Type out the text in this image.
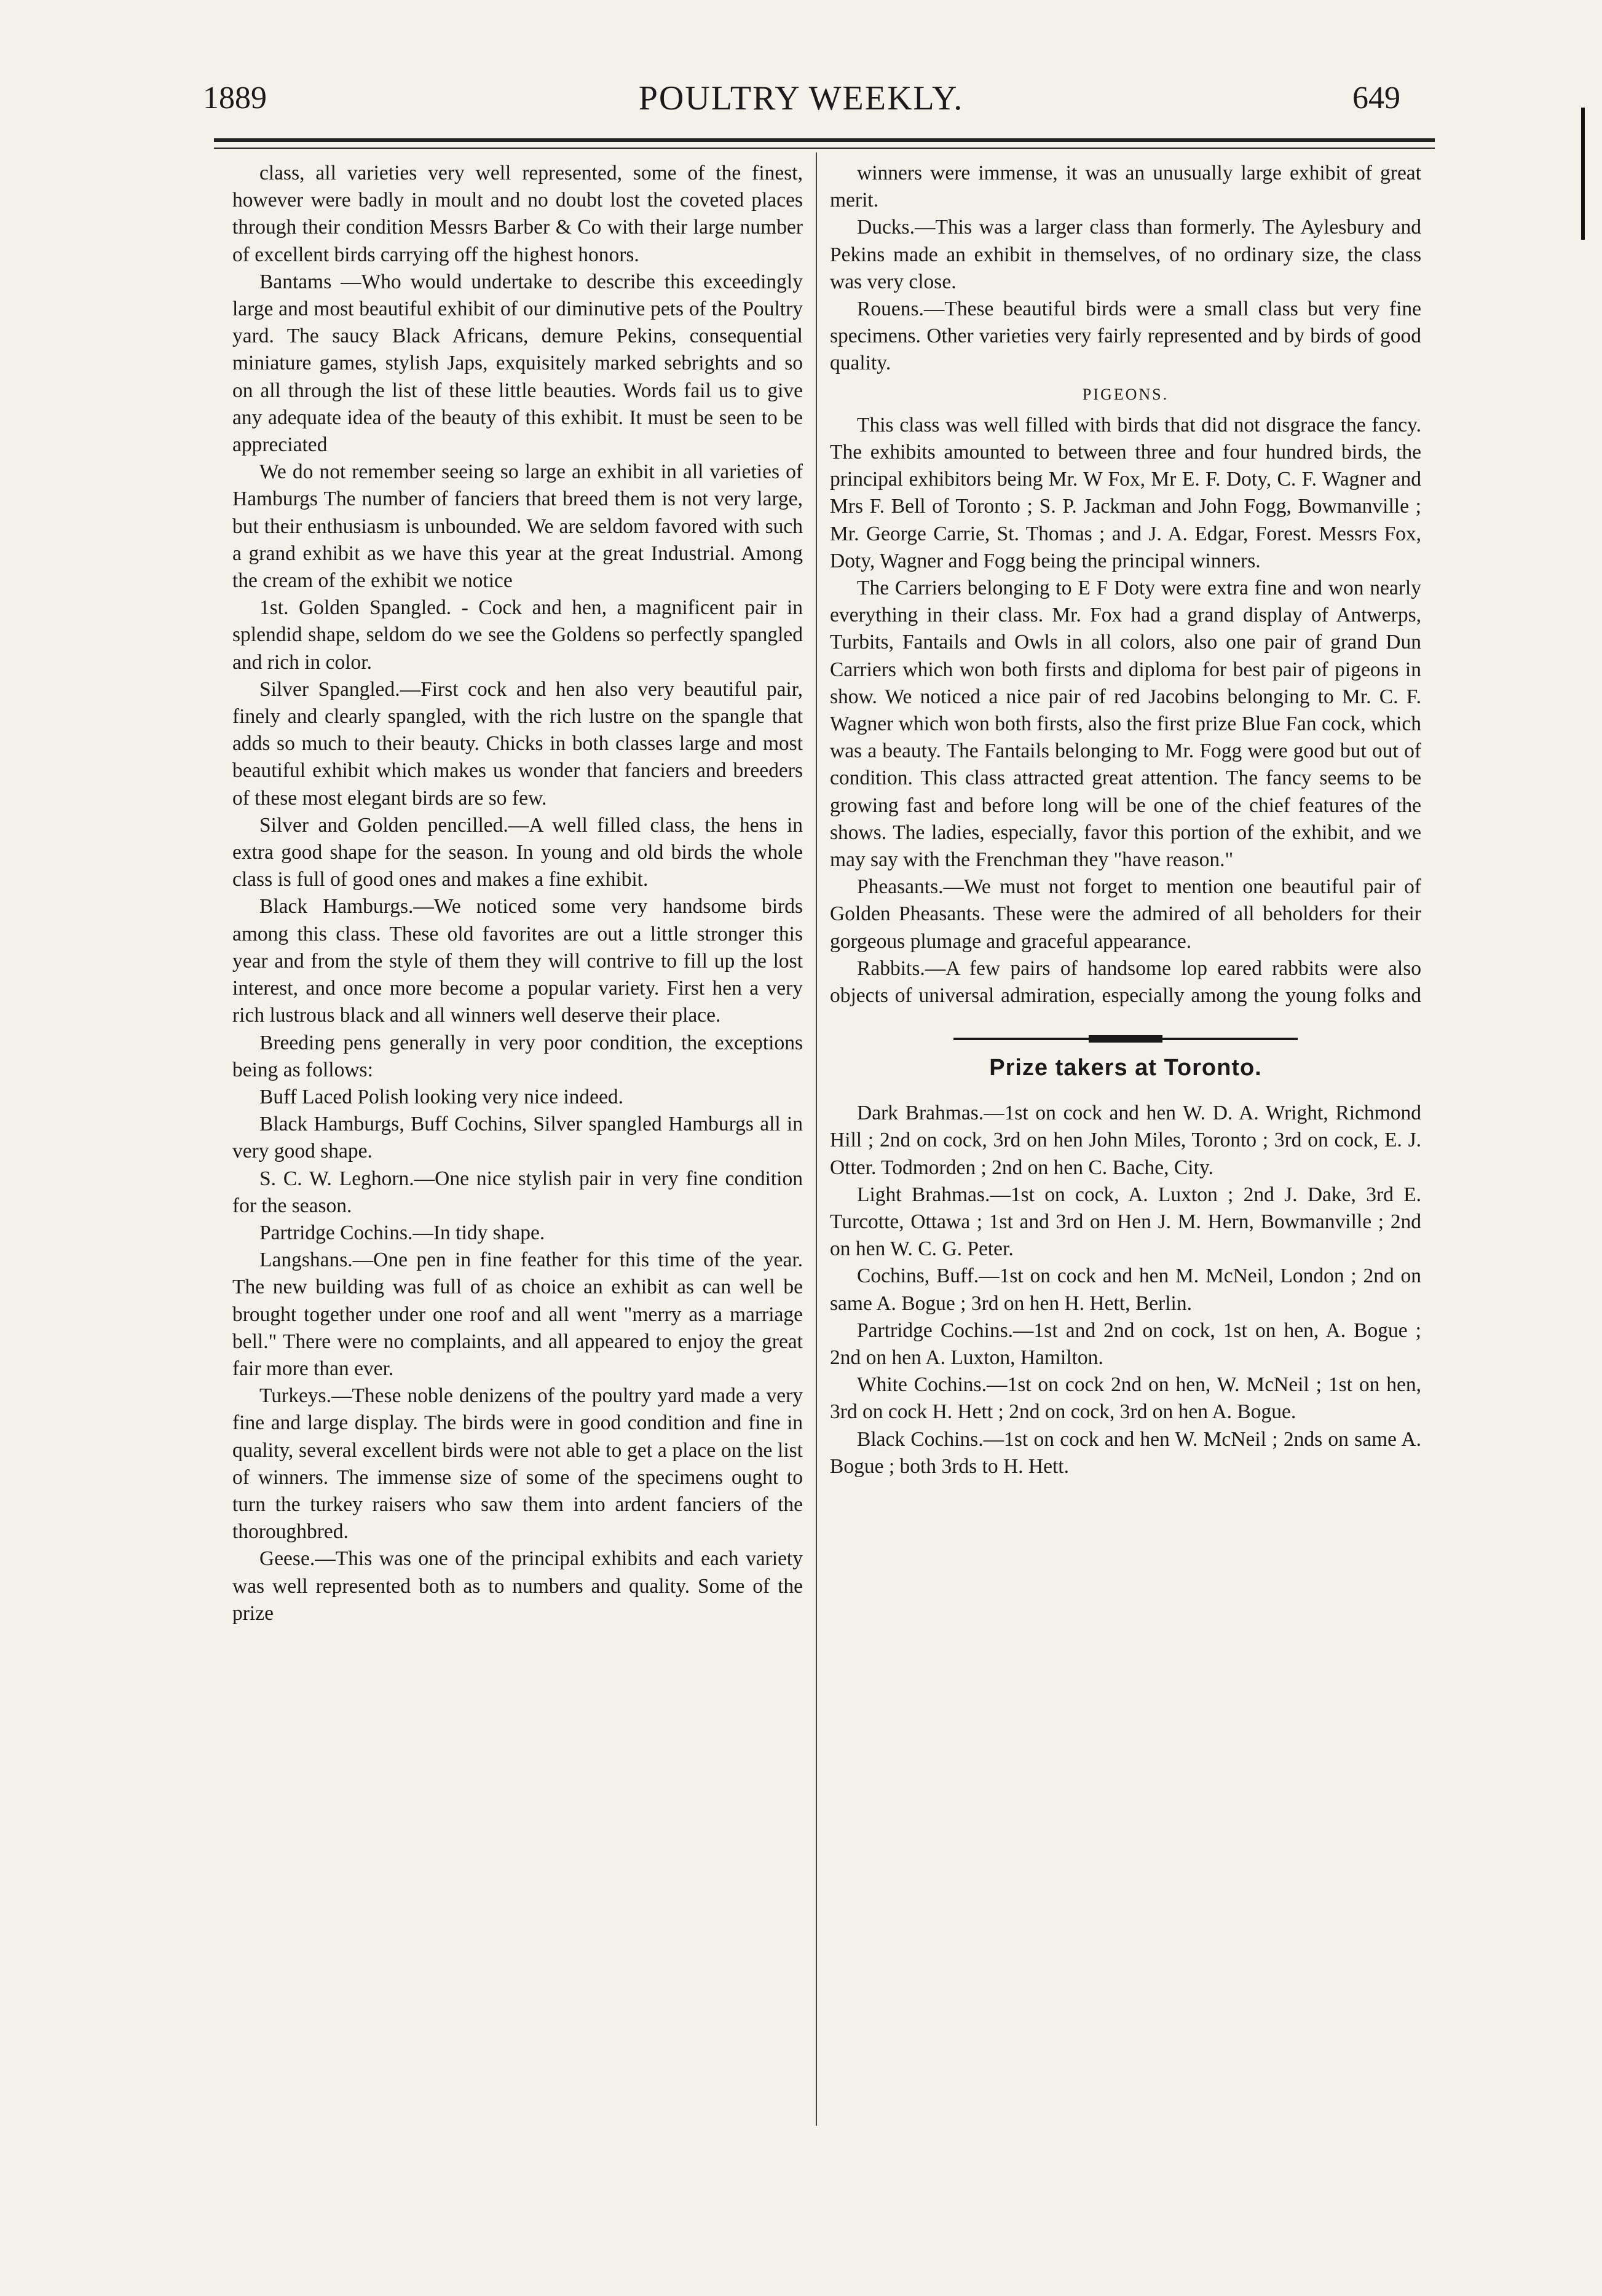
1889	POULTRY WEEKLY.	649

class, all varieties very well represented, some of the finest, however were badly in moult and no doubt lost the coveted places through their condition Messrs Barber & Co with their large number of excellent birds carrying off the highest honors.

Bantams —Who would undertake to describe this exceedingly large and most beautiful exhibit of our diminutive pets of the Poultry yard. The saucy Black Africans, demure Pekins, consequential miniature games, stylish Japs, exquisitely marked sebrights and so on all through the list of these little beauties. Words fail us to give any adequate idea of the beauty of this exhibit. It must be seen to be appreciated

We do not remember seeing so large an exhibit in all varieties of Hamburgs The number of fanciers that breed them is not very large, but their enthusiasm is unbounded. We are seldom favored with such a grand exhibit as we have this year at the great Industrial. Among the cream of the exhibit we notice

1st. Golden Spangled. - Cock and hen, a magnificent pair in splendid shape, seldom do we see the Goldens so perfectly spangled and rich in color.

Silver Spangled.—First cock and hen also very beautiful pair, finely and clearly spangled, with the rich lustre on the spangle that adds so much to their beauty. Chicks in both classes large and most beautiful exhibit which makes us wonder that fanciers and breeders of these most elegant birds are so few.

Silver and Golden pencilled.—A well filled class, the hens in extra good shape for the season. In young and old birds the whole class is full of good ones and makes a fine exhibit.

Black Hamburgs.—We noticed some very handsome birds among this class. These old favorites are out a little stronger this year and from the style of them they will contrive to fill up the lost interest, and once more become a popular variety. First hen a very rich lustrous black and all winners well deserve their place.

Breeding pens generally in very poor condition, the exceptions being as follows:

Buff Laced Polish looking very nice indeed.

Black Hamburgs, Buff Cochins, Silver spangled Hamburgs all in very good shape.

S. C. W. Leghorn.—One nice stylish pair in very fine condition for the season.

Partridge Cochins.—In tidy shape.

Langshans.—One pen in fine feather for this time of the year. The new building was full of as choice an exhibit as can well be brought together under one roof and all went "merry as a marriage bell." There were no complaints, and all appeared to enjoy the great fair more than ever.

Turkeys.—These noble denizens of the poultry yard made a very fine and large display. The birds were in good condition and fine in quality, several excellent birds were not able to get a place on the list of winners. The immense size of some of the specimens ought to turn the turkey raisers who saw them into ardent fanciers of the thoroughbred.

Geese.—This was one of the principal exhibits and each variety was well represented both as to numbers and quality. Some of the prize

winners were immense, it was an unusually large exhibit of great merit.

Ducks.—This was a larger class than formerly. The Aylesbury and Pekins made an exhibit in themselves, of no ordinary size, the class was very close.

Rouens.—These beautiful birds were a small class but very fine specimens. Other varieties very fairly represented and by birds of good quality.

PIGEONS.

This class was well filled with birds that did not disgrace the fancy. The exhibits amounted to between three and four hundred birds, the principal exhibitors being Mr. W Fox, Mr E. F. Doty, C. F. Wagner and Mrs F. Bell of Toronto ; S. P. Jackman and John Fogg, Bowmanville ; Mr. George Carrie, St. Thomas ; and J. A. Edgar, Forest. Messrs Fox, Doty, Wagner and Fogg being the principal winners.

The Carriers belonging to E F Doty were extra fine and won nearly everything in their class. Mr. Fox had a grand display of Antwerps, Turbits, Fantails and Owls in all colors, also one pair of grand Dun Carriers which won both firsts and diploma for best pair of pigeons in show. We noticed a nice pair of red Jacobins belonging to Mr. C. F. Wagner which won both firsts, also the first prize Blue Fan cock, which was a beauty. The Fantails belonging to Mr. Fogg were good but out of condition. This class attracted great attention. The fancy seems to be growing fast and before long will be one of the chief features of the shows. The ladies, especially, favor this portion of the exhibit, and we may say with the Frenchman they "have reason."

Pheasants.—We must not forget to mention one beautiful pair of Golden Pheasants. These were the admired of all beholders for their gorgeous plumage and graceful appearance.

Rabbits.—A few pairs of handsome lop eared rabbits were also objects of universal admiration, especially among the young folks and

Prize takers at Toronto.

Dark Brahmas.—1st on cock and hen W. D. A. Wright, Richmond Hill ; 2nd on cock, 3rd on hen John Miles, Toronto ; 3rd on cock, E. J. Otter. Todmorden ; 2nd on hen C. Bache, City.

Light Brahmas.—1st on cock, A. Luxton ; 2nd J. Dake, 3rd E. Turcotte, Ottawa ; 1st and 3rd on Hen J. M. Hern, Bowmanville ; 2nd on hen W. C. G. Peter.

Cochins, Buff.—1st on cock and hen M. McNeil, London ; 2nd on same A. Bogue ; 3rd on hen H. Hett, Berlin.

Partridge Cochins.—1st and 2nd on cock, 1st on hen, A. Bogue ; 2nd on hen A. Luxton, Hamilton.

White Cochins.—1st on cock 2nd on hen, W. McNeil ; 1st on hen, 3rd on cock H. Hett ; 2nd on cock, 3rd on hen A. Bogue.

Black Cochins.—1st on cock and hen W. McNeil ; 2nds on same A. Bogue ; both 3rds to H. Hett.
